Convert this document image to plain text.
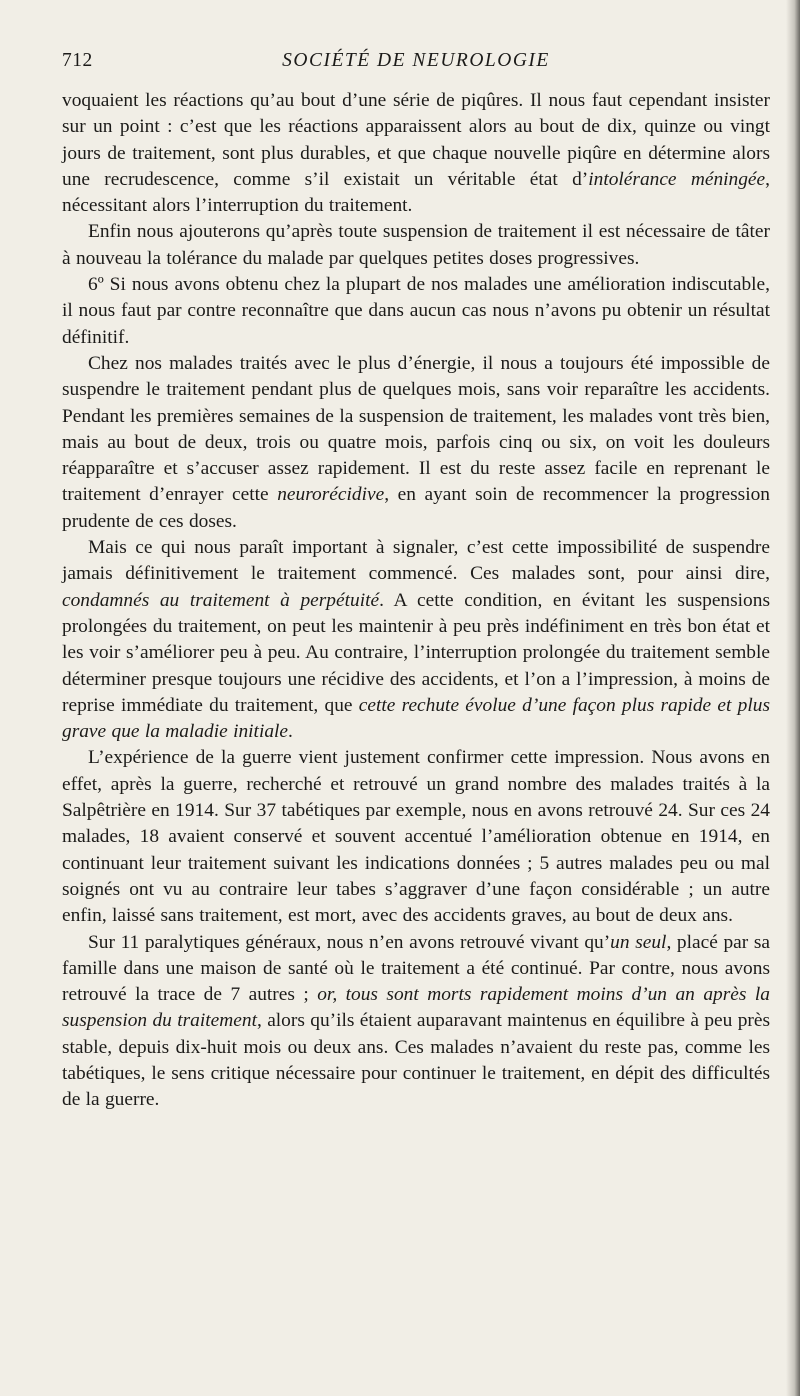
712	SOCIÉTÉ DE NEUROLOGIE

voquaient les réactions qu’au bout d’une série de piqûres. Il nous faut cependant insister sur un point : c’est que les réactions apparaissent alors au bout de dix, quinze ou vingt jours de traitement, sont plus durables, et que chaque nouvelle piqûre en détermine alors une recrudescence, comme s’il existait un véritable état d’intolérance méningée, nécessitant alors l’interruption du traitement.

Enfin nous ajouterons qu’après toute suspension de traitement il est nécessaire de tâter à nouveau la tolérance du malade par quelques petites doses progressives.

6º Si nous avons obtenu chez la plupart de nos malades une amélioration indiscutable, il nous faut par contre reconnaître que dans aucun cas nous n’avons pu obtenir un résultat définitif.

Chez nos malades traités avec le plus d’énergie, il nous a toujours été impossible de suspendre le traitement pendant plus de quelques mois, sans voir reparaître les accidents. Pendant les premières semaines de la suspension de traitement, les malades vont très bien, mais au bout de deux, trois ou quatre mois, parfois cinq ou six, on voit les douleurs réapparaître et s’accuser assez rapidement. Il est du reste assez facile en reprenant le traitement d’enrayer cette neurorécidive, en ayant soin de recommencer la progression prudente de ces doses.

Mais ce qui nous paraît important à signaler, c’est cette impossibilité de suspendre jamais définitivement le traitement commencé. Ces malades sont, pour ainsi dire, condamnés au traitement à perpétuité. A cette condition, en évitant les suspensions prolongées du traitement, on peut les maintenir à peu près indéfiniment en très bon état et les voir s’améliorer peu à peu. Au contraire, l’interruption prolongée du traitement semble déterminer presque toujours une récidive des accidents, et l’on a l’impression, à moins de reprise immédiate du traitement, que cette rechute évolue d’une façon plus rapide et plus grave que la maladie initiale.

L’expérience de la guerre vient justement confirmer cette impression. Nous avons en effet, après la guerre, recherché et retrouvé un grand nombre des malades traités à la Salpêtrière en 1914. Sur 37 tabétiques par exemple, nous en avons retrouvé 24. Sur ces 24 malades, 18 avaient conservé et souvent accentué l’amélioration obtenue en 1914, en continuant leur traitement suivant les indications données ; 5 autres malades peu ou mal soignés ont vu au contraire leur tabes s’aggraver d’une façon considérable ; un autre enfin, laissé sans traitement, est mort, avec des accidents graves, au bout de deux ans.

Sur 11 paralytiques généraux, nous n’en avons retrouvé vivant qu’un seul, placé par sa famille dans une maison de santé où le traitement a été continué. Par contre, nous avons retrouvé la trace de 7 autres ; or, tous sont morts rapidement moins d’un an après la suspension du traitement, alors qu’ils étaient auparavant maintenus en équilibre à peu près stable, depuis dix-huit mois ou deux ans. Ces malades n’avaient du reste pas, comme les tabétiques, le sens critique nécessaire pour continuer le traitement, en dépit des difficultés de la guerre.
